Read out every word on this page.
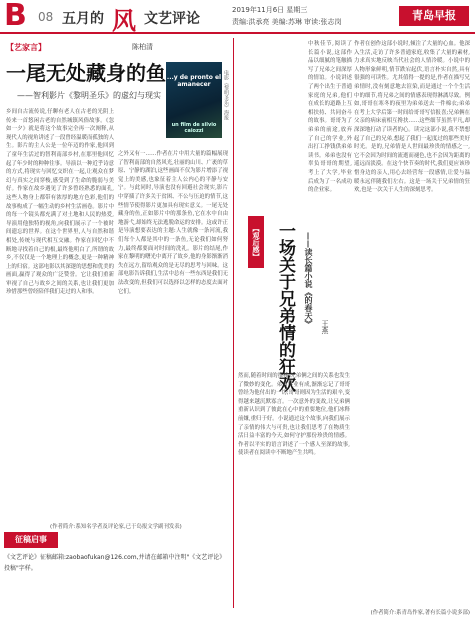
B 08 五月的 风 文艺评论
2019年11月6日 星期三
责编:洪承亮 美编:苏琳 审读:张志岗	青岛早报
【艺家言】	陈柏清
一尾无处藏身的鱼
——智利影片《黎明圣乐》的虚幻与现实
...y de pronto el amanecer
un film de silvio caiozzi
电影《黎明圣乐》海报
乡间自古流传说,仔聊有老人在古老的光阴上传来一首悠闲古老的自然城镇风俗故事。《忽如一夕》就是将这个故事完全再一次阐释,从现代人的视角讲述了一段曾经温暖而孤独的人生。影片的主人公是一位年迈的作家,他回到了童年生活过的智利南部乡村,在那里他回忆起了年少时的种种往事。导演以一种近乎诗意的方式,将现实与回忆交织在一起,让观众在梦幻与真实之间穿梭,感受到了生命的脆弱与美好。作家在故乡遇见了许多曾经熟悉的面孔,这些人物身上都带有浓厚的地方色彩,他们的故事构成了一幅生动的乡村生活画卷。影片中的每一个镜头都充满了对土地和人民的热爱,导演用他独特的视角,向我们展示了一个被时间遗忘的世界。在这个世界里,人与自然和谐相处,传统与现代相互交融。作家在回忆中不断地寻找着自己的根,最终他明白了,所谓的故乡,不仅仅是一个地理上的概念,更是一种精神上的归宿。这部电影以其深邃的思想和优美的画面,赢得了观众的广泛赞誉。它让我们重新审视了自己与故乡之间的关系,也让我们更加珍惜那些曾经陪伴我们走过的人和事。
之外又有一……作者在片中用大量的篇幅展现了智利南部的自然风光,壮丽的山川、广袤的草原、宁静的湖泊,这些画面不仅为影片增添了视觉上的美感,也象征着主人公内心的平静与安宁。与此同时,导演也没有回避社会现实,影片中穿插了许多关于贫困、不公与压迫的情节,这些情节使得影片更加具有现实意义。一尾无处藏身的鱼,正如影片中的那条鱼,它在水中自由地游弋,却始终无法逃脱命运的安排。这或许正是导演想要表达的主题:人生就像一条河流,我们每个人都是其中的一条鱼,无论我们如何努力,最终都要面对时间的洗礼。影片的结尾,作家在黎明的曙光中离开了故乡,他的身影渐渐消失在远方,留给观众的是无尽的思考与回味。这部电影告诉我们,生活中总有一些东西是我们无法改变的,但我们可以选择以怎样的态度去面对它们。
(作者简介:系知名学者及评论家,已于岛报文学副刊发表)
征稿启事
《文艺评论》征稿邮箱:zaobaofukan@126.com,并请在邮箱中注明"《文艺评论》投稿"字样。
中秋佳节,阅读了长篇小说,这部作品以细腻的笔触描写了兄弟之间深厚的情谊。小说讲述了两个出生于普通家庭的兄弟,他们在成长的道路上互相扶持、共同奋斗的故事。哥哥为了弟弟的前途,放弃了自己的学业,外出打工挣钱供弟弟读书。弟弟也没有辜负哥哥的期望,考上了大学,毕业后成为了一名成功的企业家。
【观后感】 一场关于兄弟情的狂欢	——读长篇小说《的春天》	王燕
然而,随着时间的推移,兄弟俩之间的关系也发生了微妙的变化。弟弟事业有成,渐渐忘记了哥哥曾经为他付出的一切;哥哥则因为生活的艰辛,变得越来越沉默寡言。一次意外的变故,让兄弟俩重新认识到了彼此在心中的重要地位,他们冰释前嫌,重归于好。小说通过这个故事,向我们展示了亲情的伟大与可贵,也让我们思考了在物质生活日益丰富的今天,如何守护那份珍贵的情感。作者以平实的语言讲述了一个感人至深的故事,使读者在阅读中不断地产生共鸣。
作者在创作这部小说时,倾注了大量的心血。他深入生活,走访了许多普通家庭,收集了大量的素材,力求真实地反映当代社会的人情冷暖。小说中的人物形象鲜明,情节跌宕起伏,语言朴实自然,具有很强的可读性。尤其值得一提的是,作者在描写兄弟情时,没有刻意地去渲染,而是通过一个个生活中的细节,将兄弟之间的情感表现得淋漓尽致。例如,哥哥在寒冬的夜里为弟弟送去一件棉衣;弟弟在考上大学后第一时间给哥哥写信报喜;兄弟俩在父亲的病床前相互搀扶……这些细节虽然平凡,却深深地打动了读者的心。读完这部小说,我不禁想起了自己的兄弟,想起了我们一起度过的那些美好时光。是的,兄弟情是人世间最珍贵的情感之一,它不会因为时间的流逝而褪色,也不会因为距离的遥远而淡漠。在这个快节奏的时代,我们更应该珍惜身边的亲人,用心去经营每一段感情,让爱与温暖永远伴随我们左右。这是一场关于兄弟情的狂欢,也是一次关于人生的深刻思考。
(作者简介:系青岛作家,著有长篇小说多部)
